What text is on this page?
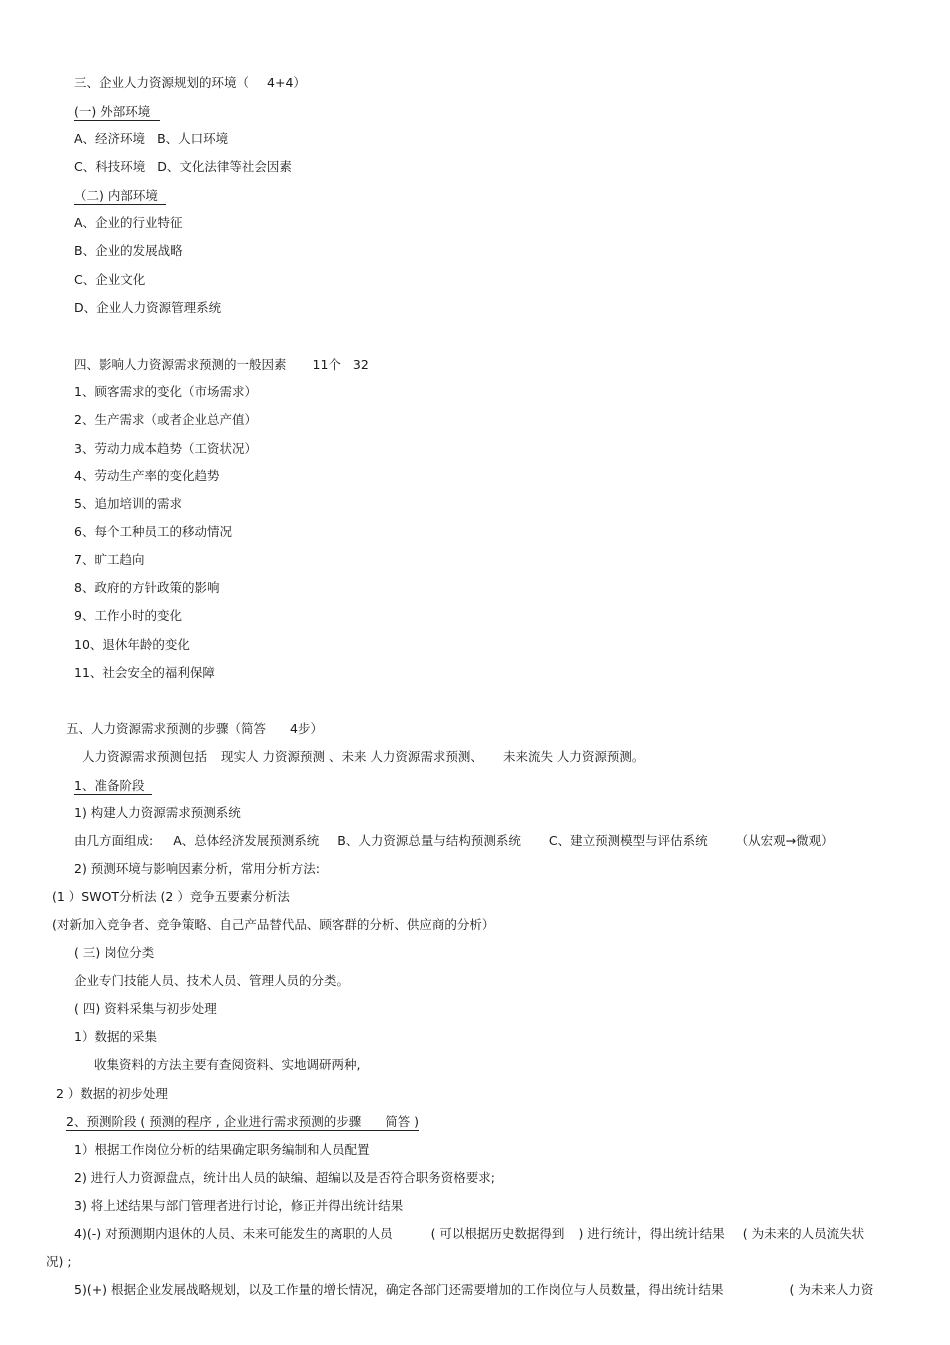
三、企业人力资源规划的环境（ 4+4）
(一) 外部环境
A、经济环境 B、人口环境
C、科技环境 D、文化法律等社会因素
（二) 内部环境
A、企业的行业特征
B、企业的发展战略
C、企业文化
D、企业人力资源管理系统
四、影响人力资源需求预测的一般因素 11个 32
1、顾客需求的变化（市场需求）
2、生产需求（或者企业总产值）
3、劳动力成本趋势（工资状况）
4、劳动生产率的变化趋势
5、追加培训的需求
6、每个工种员工的移动情况
7、旷工趋向
8、政府的方针政策的影响
9、工作小时的变化
10、退休年龄的变化
11、社会安全的福利保障
五、人力资源需求预测的步骤（简答 4步）
人力资源需求预测包括 现实人 力资源预测 、未来 人力资源需求预测、 未来流失 人力资源预测。
1、准备阶段
1) 构建人力资源需求预测系统
由几方面组成: A、总体经济发展预测系统 B、人力资源总量与结构预测系统 C、建立预测模型与评估系统 （从宏观→微观）
2) 预测环境与影响因素分析，常用分析方法:
(1 ）SWOT分析法 (2 ）竞争五要素分析法
(对新加入竞争者、竞争策略、自己产品替代品、顾客群的分析、供应商的分析）
( 三) 岗位分类
企业专门技能人员、技术人员、管理人员的分类。
( 四) 资料采集与初步处理
1）数据的采集
收集资料的方法主要有查阅资料、实地调研两种,
2 ）数据的初步处理
2、预测阶段 ( 预测的程序 , 企业进行需求预测的步骤 简答 )
1）根据工作岗位分析的结果确定职务编制和人员配置
2) 进行人力资源盘点，统计出人员的缺编、超编以及是否符合职务资格要求;
3) 将上述结果与部门管理者进行讨论，修正并得出统计结果
4)(-) 对预测期内退休的人员、未来可能发生的离职的人员	( 可以根据历史数据得到 ) 进行统计，得出统计结果 ( 为未来的人员流失状
况) ;
5)(+) 根据企业发展战略规划，以及工作量的增长情况，确定各部门还需要增加的工作岗位与人员数量，得出统计结果	( 为未来人力资
